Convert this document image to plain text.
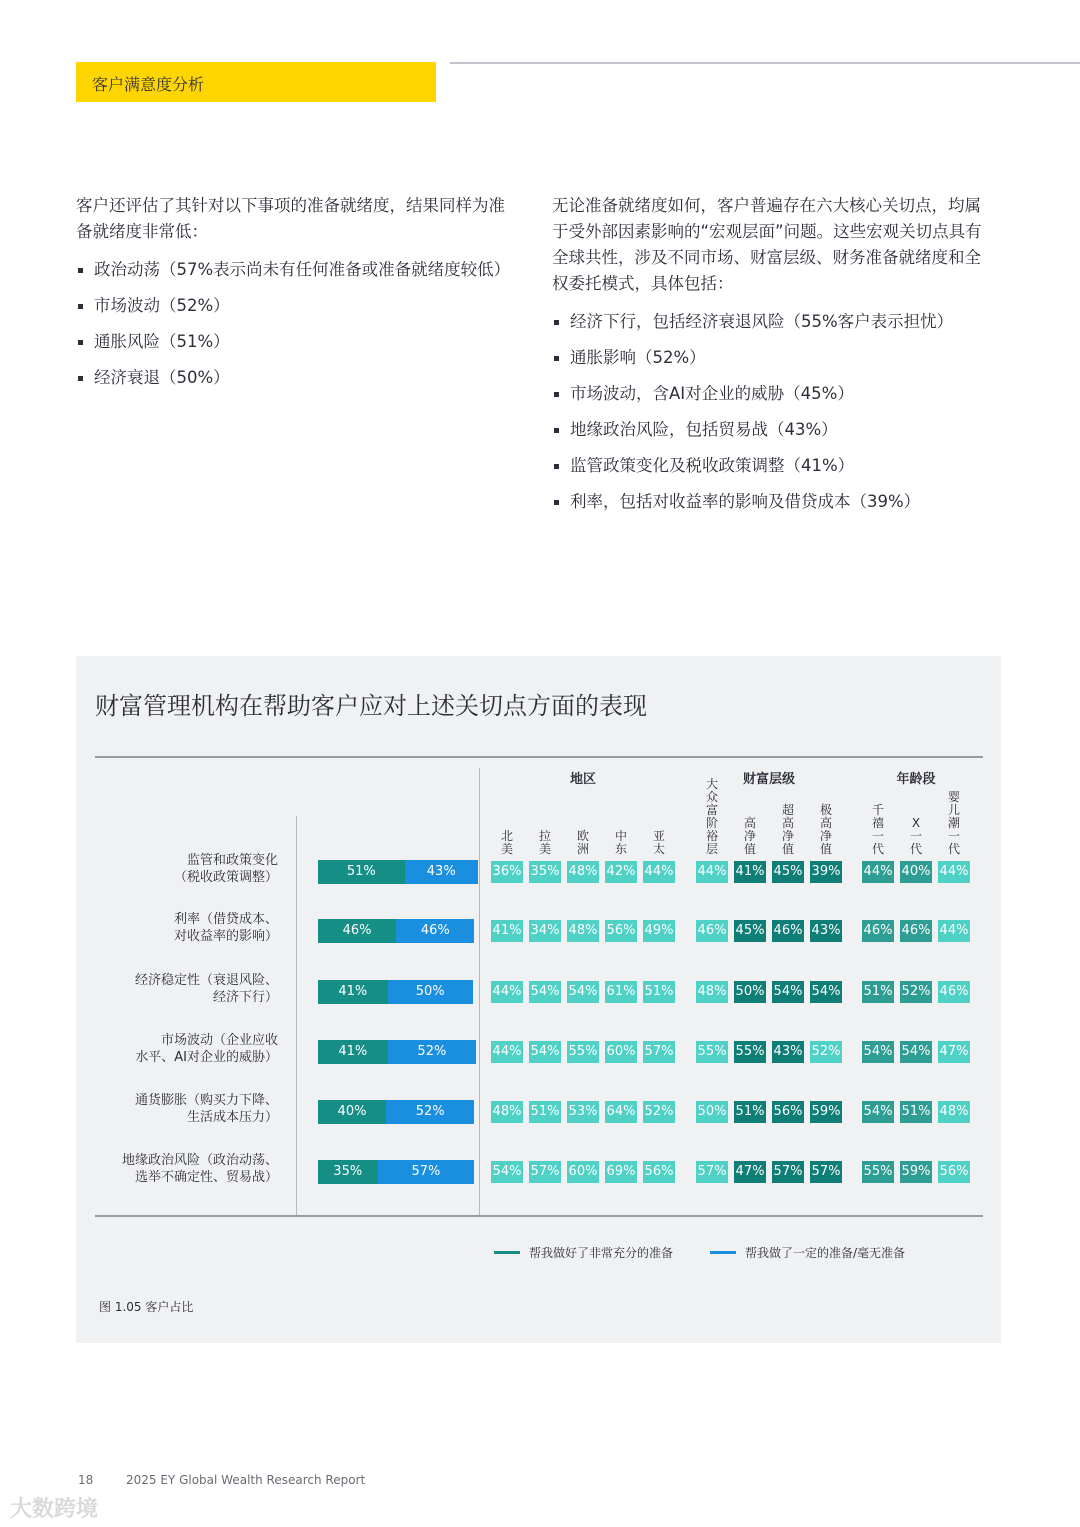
客户满意度分析

客户还评估了其针对以下事项的准备就绪度，结果同样为准备就绪度非常低：

政治动荡（57%表示尚未有任何准备或准备就绪度较低）
市场波动（52%）
通胀风险（51%）
经济衰退（50%）

无论准备就绪度如何，客户普遍存在六大核心关切点，均属于受外部因素影响的“宏观层面”问题。这些宏观关切点具有全球共性，涉及不同市场、财富层级、财务准备就绪度和全权委托模式，具体包括：

经济下行，包括经济衰退风险（55%客户表示担忧）
通胀影响（52%）
市场波动，含AI对企业的威胁（45%）
地缘政治风险，包括贸易战（43%）
监管政策变化及税收政策调整（41%）
利率，包括对收益率的影响及借贷成本（39%）
财富管理机构在帮助客户应对上述关切点方面的表现
地区	财富层级	年龄段
北
美
拉
美
欧
洲
中
东
亚
太
大
众
富
阶
裕
层
高
净
值
超
高
净
值
极
高
净
值
千
禧
一
代
X
一
代
婴
儿
潮
一
代
监管和政策变化
（税收政策调整）	51%	43%	36% 35% 48% 42% 44% 44% 41% 45% 39% 44% 40% 44%
利率（借贷成本、
对收益率的影响）	46%	46%	41% 34% 48% 56% 49% 46% 45% 46% 43% 46% 46% 44%
经济稳定性（衰退风险、
经济下行）	41%	50%	44% 54% 54% 61% 51% 48% 50% 54% 54% 51% 52% 46%
市场波动（企业应收
水平、AI对企业的威胁）	41%	52%	44% 54% 55% 60% 57% 55% 55% 43% 52% 54% 54% 47%
通货膨胀（购买力下降、
生活成本压力）	40%	52%	48% 51% 53% 64% 52% 50% 51% 56% 59% 54% 51% 48%
地缘政治风险（政治动荡、
选举不确定性、贸易战）	35%	57%	54% 57% 60% 69% 56% 57% 47% 57% 57% 55% 59% 56%
帮我做好了非常充分的准备	帮我做了一定的准备/毫无准备
图 1.05 客户占比
18	2025 EY Global Wealth Research Report
大数跨境
